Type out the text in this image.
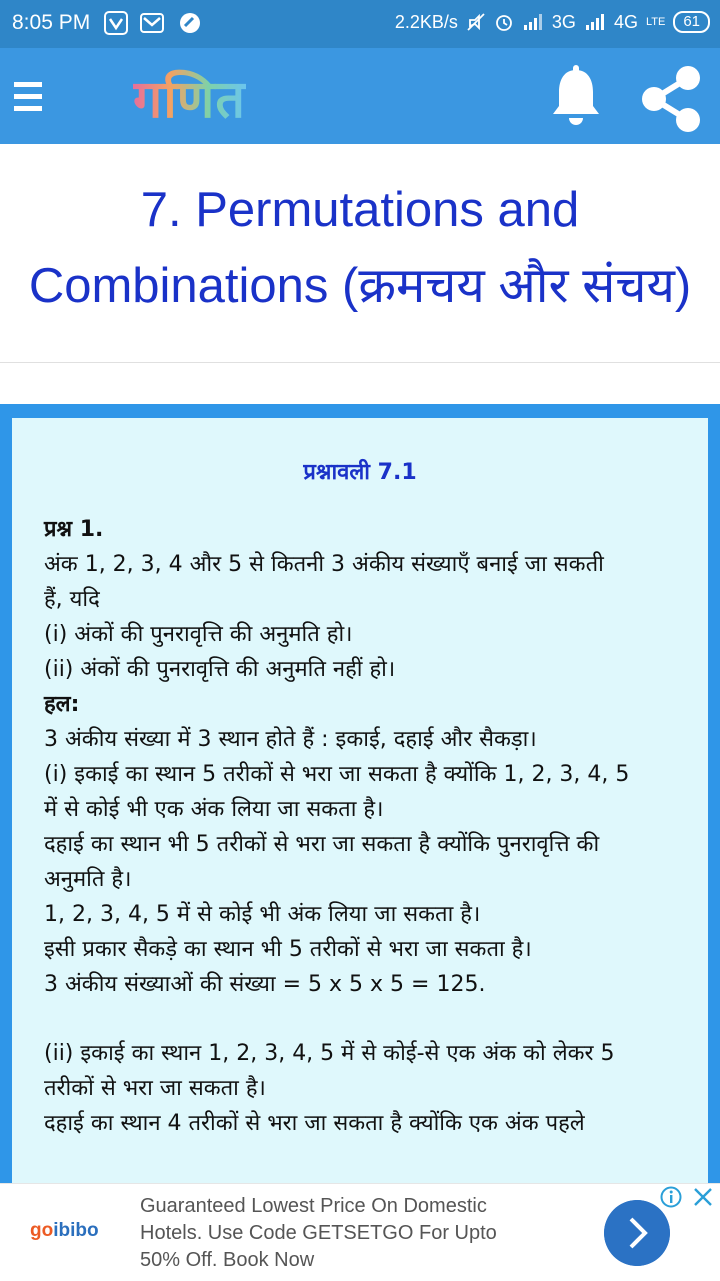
8:05 PM	2.2KB/s	3G 4G LTE	61
गणित
7. Permutations and
Combinations (क्रमचय और संचय)
प्रश्नावली 7.1

प्रश्न 1.

अंक 1, 2, 3, 4 और 5 से कितनी 3 अंकीय संख्याएँ बनाई जा सकती

हैं, यदि

(i) अंकों की पुनरावृत्ति की अनुमति हो।

(ii) अंकों की पुनरावृत्ति की अनुमति नहीं हो।

हल:

3 अंकीय संख्या में 3 स्थान होते हैं : इकाई, दहाई और सैकड़ा।

(i) इकाई का स्थान 5 तरीकों से भरा जा सकता है क्योंकि 1, 2, 3, 4, 5

में से कोई भी एक अंक लिया जा सकता है।

दहाई का स्थान भी 5 तरीकों से भरा जा सकता है क्योंकि पुनरावृत्ति की

अनुमति है।

1, 2, 3, 4, 5 में से कोई भी अंक लिया जा सकता है।

इसी प्रकार सैकड़े का स्थान भी 5 तरीकों से भरा जा सकता है।

3 अंकीय संख्याओं की संख्या = 5 x 5 x 5 = 125.

(ii) इकाई का स्थान 1, 2, 3, 4, 5 में से कोई-से एक अंक को लेकर 5

तरीकों से भरा जा सकता है।

दहाई का स्थान 4 तरीकों से भरा जा सकता है क्योंकि एक अंक पहले

goibibo
Guaranteed Lowest Price On Domestic Hotels. Use Code GETSETGO For Upto 50% Off. Book Now
